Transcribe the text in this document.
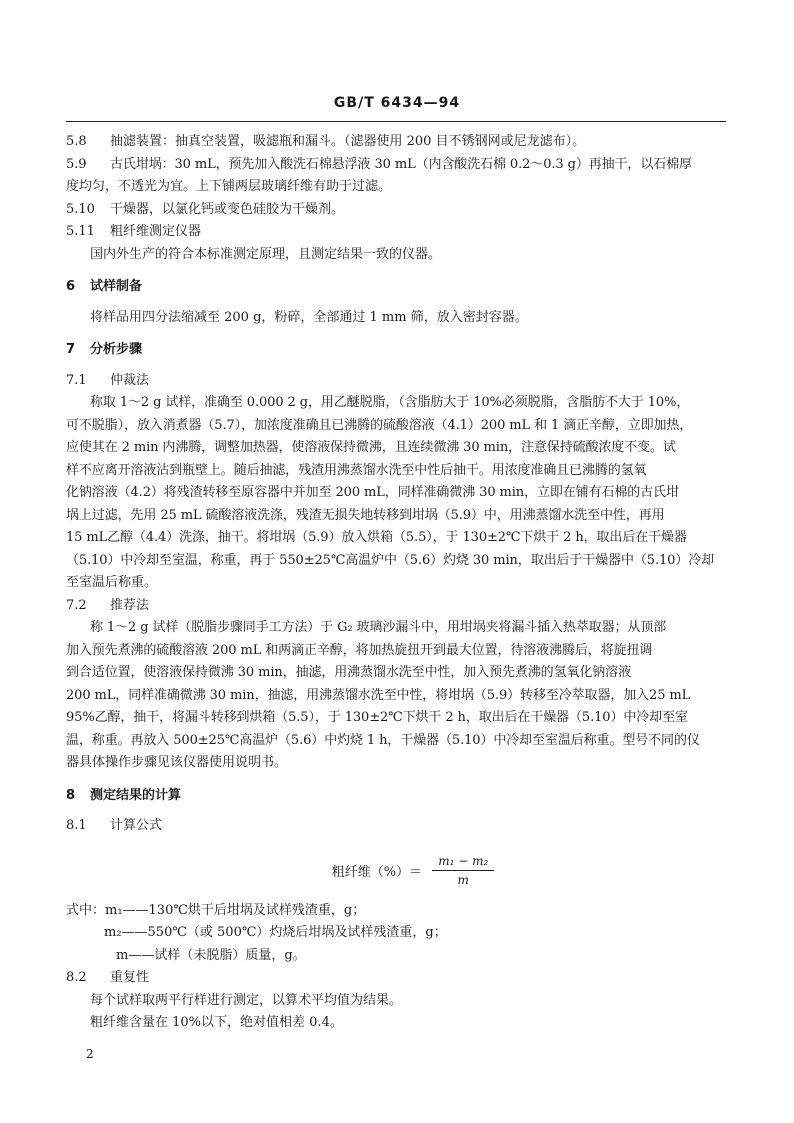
GB/T 6434—94
5.8 抽滤装置：抽真空装置，吸滤瓶和漏斗。（滤器使用 200 目不锈钢网或尼龙滤布）。
5.9 古氏坩埚：30 mL，预先加入酸洗石棉悬浮液 30 mL（内含酸洗石棉 0.2～0.3 g）再抽干，以石棉厚
度均匀，不透光为宜。上下铺两层玻璃纤维有助于过滤。
5.10 干燥器，以氯化钙或变色硅胶为干燥剂。
5.11 粗纤维测定仪器
国内外生产的符合本标准测定原理，且测定结果一致的仪器。
6 试样制备
将样品用四分法缩减至 200 g，粉碎，全部通过 1 mm 筛，放入密封容器。
7 分析步骤
7.1 仲裁法
称取 1～2 g 试样，准确至 0.000 2 g，用乙醚脱脂，（含脂肪大于 10%必须脱脂，含脂肪不大于 10%，
可不脱脂），放入消煮器（5.7），加浓度准确且已沸腾的硫酸溶液（4.1）200 mL 和 1 滴正辛醇，立即加热，
应使其在 2 min 内沸腾，调整加热器，使溶液保持微沸，且连续微沸 30 min，注意保持硫酸浓度不变。试
样不应离开溶液沾到瓶壁上。随后抽滤，残渣用沸蒸馏水洗至中性后抽干。用浓度准确且已沸腾的氢氧
化钠溶液（4.2）将残渣转移至原容器中并加至 200 mL，同样准确微沸 30 min，立即在铺有石棉的古氏坩
埚上过滤，先用 25 mL 硫酸溶液洗涤，残渣无损失地转移到坩埚（5.9）中，用沸蒸馏水洗至中性，再用
15 mL乙醇（4.4）洗涤，抽干。将坩埚（5.9）放入烘箱（5.5），于 130±2℃下烘干 2 h，取出后在干燥器
（5.10）中冷却至室温，称重，再于 550±25℃高温炉中（5.6）灼烧 30 min，取出后于干燥器中（5.10）冷却
至室温后称重。
7.2 推荐法
称 1～2 g 试样（脱脂步骤同手工方法）于 G₂ 玻璃沙漏斗中，用坩埚夹将漏斗插入热萃取器；从顶部
加入预先煮沸的硫酸溶液 200 mL 和两滴正辛醇，将加热旋扭开到最大位置，待溶液沸腾后，将旋扭调
到合适位置，使溶液保持微沸 30 min，抽滤，用沸蒸馏水洗至中性，加入预先煮沸的氢氧化钠溶液
200 mL，同样准确微沸 30 min，抽滤，用沸蒸馏水洗至中性，将坩埚（5.9）转移至冷萃取器，加入25 mL
95%乙醇，抽干，将漏斗转移到烘箱（5.5），于 130±2℃下烘干 2 h，取出后在干燥器（5.10）中冷却至室
温，称重。再放入 500±25℃高温炉（5.6）中灼烧 1 h，干燥器（5.10）中冷却至室温后称重。型号不同的仪
器具体操作步骤见该仪器使用说明书。
8 测定结果的计算
8.1 计算公式
粗纤维（%）＝ $\frac{\text{m₁ − m₂}}{m}$
式中：m₁——130℃烘干后坩埚及试样残渣重，g；
m₂——550℃（或 500℃）灼烧后坩埚及试样残渣重，g；
m——试样（未脱脂）质量，g。
8.2 重复性
每个试样取两平行样进行测定，以算术平均值为结果。
粗纤维含量在 10%以下，绝对值相差 0.4。
2
